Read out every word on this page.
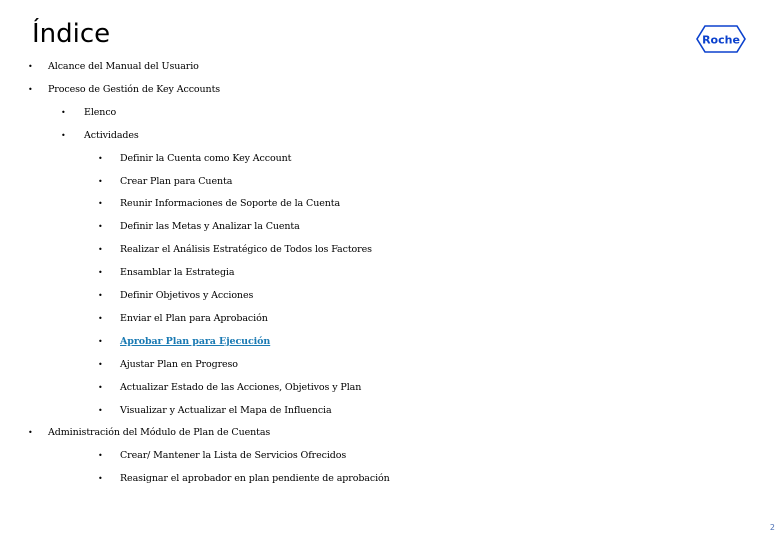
Índice	Roche
• Alcance del Manual del Usuario
• Proceso de Gestión de Key Accounts
• Elenco
• Actividades
• Definir la Cuenta como Key Account
• Crear Plan para Cuenta
• Reunir Informaciones de Soporte de la Cuenta
• Definir las Metas y Analizar la Cuenta
• Realizar el Análisis Estratégico de Todos los Factores
• Ensamblar la Estrategia
• Definir Objetivos y Acciones
• Enviar el Plan para Aprobación
• Aprobar Plan para Ejecución
• Ajustar Plan en Progreso
• Actualizar Estado de las Acciones, Objetivos y Plan
• Visualizar y Actualizar el Mapa de Influencia
• Administración del Módulo de Plan de Cuentas
• Crear/ Mantener la Lista de Servicios Ofrecidos
• Reasignar el aprobador en plan pendiente de aprobación
2
